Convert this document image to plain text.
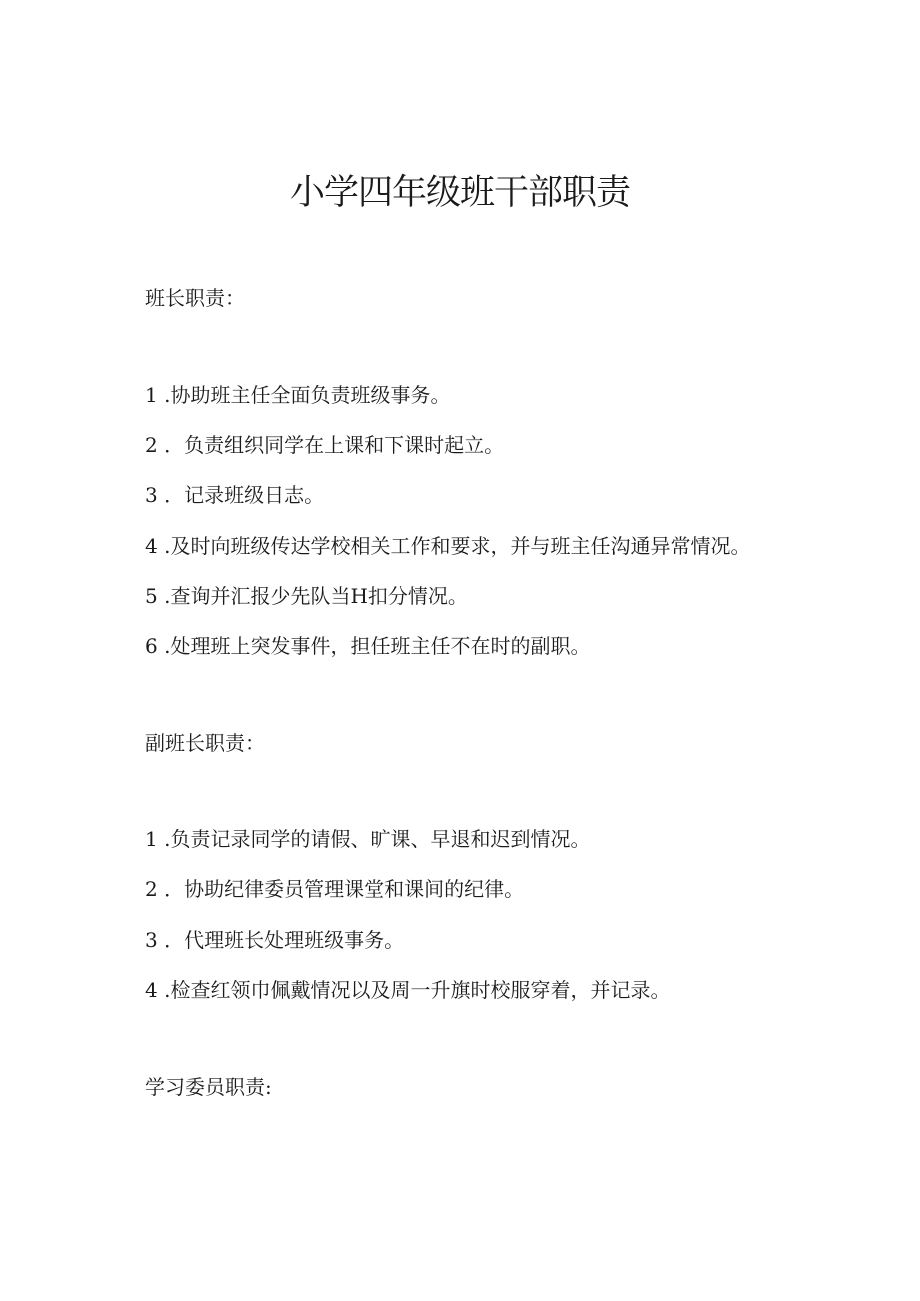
小学四年级班干部职责
班长职责：

1 .协助班主任全面负责班级事务。

2 ．负责组织同学在上课和下课时起立。

3 ．记录班级日志。

4 .及时向班级传达学校相关工作和要求，并与班主任沟通异常情况。

5 .查询并汇报少先队当H扣分情况。

6 .处理班上突发事件，担任班主任不在时的副职。

副班长职责：

1 .负责记录同学的请假、旷课、早退和迟到情况。

2 ．协助纪律委员管理课堂和课间的纪律。

3 ．代理班长处理班级事务。

4 .检查红领巾佩戴情况以及周一升旗时校服穿着，并记录。

学习委员职责:
